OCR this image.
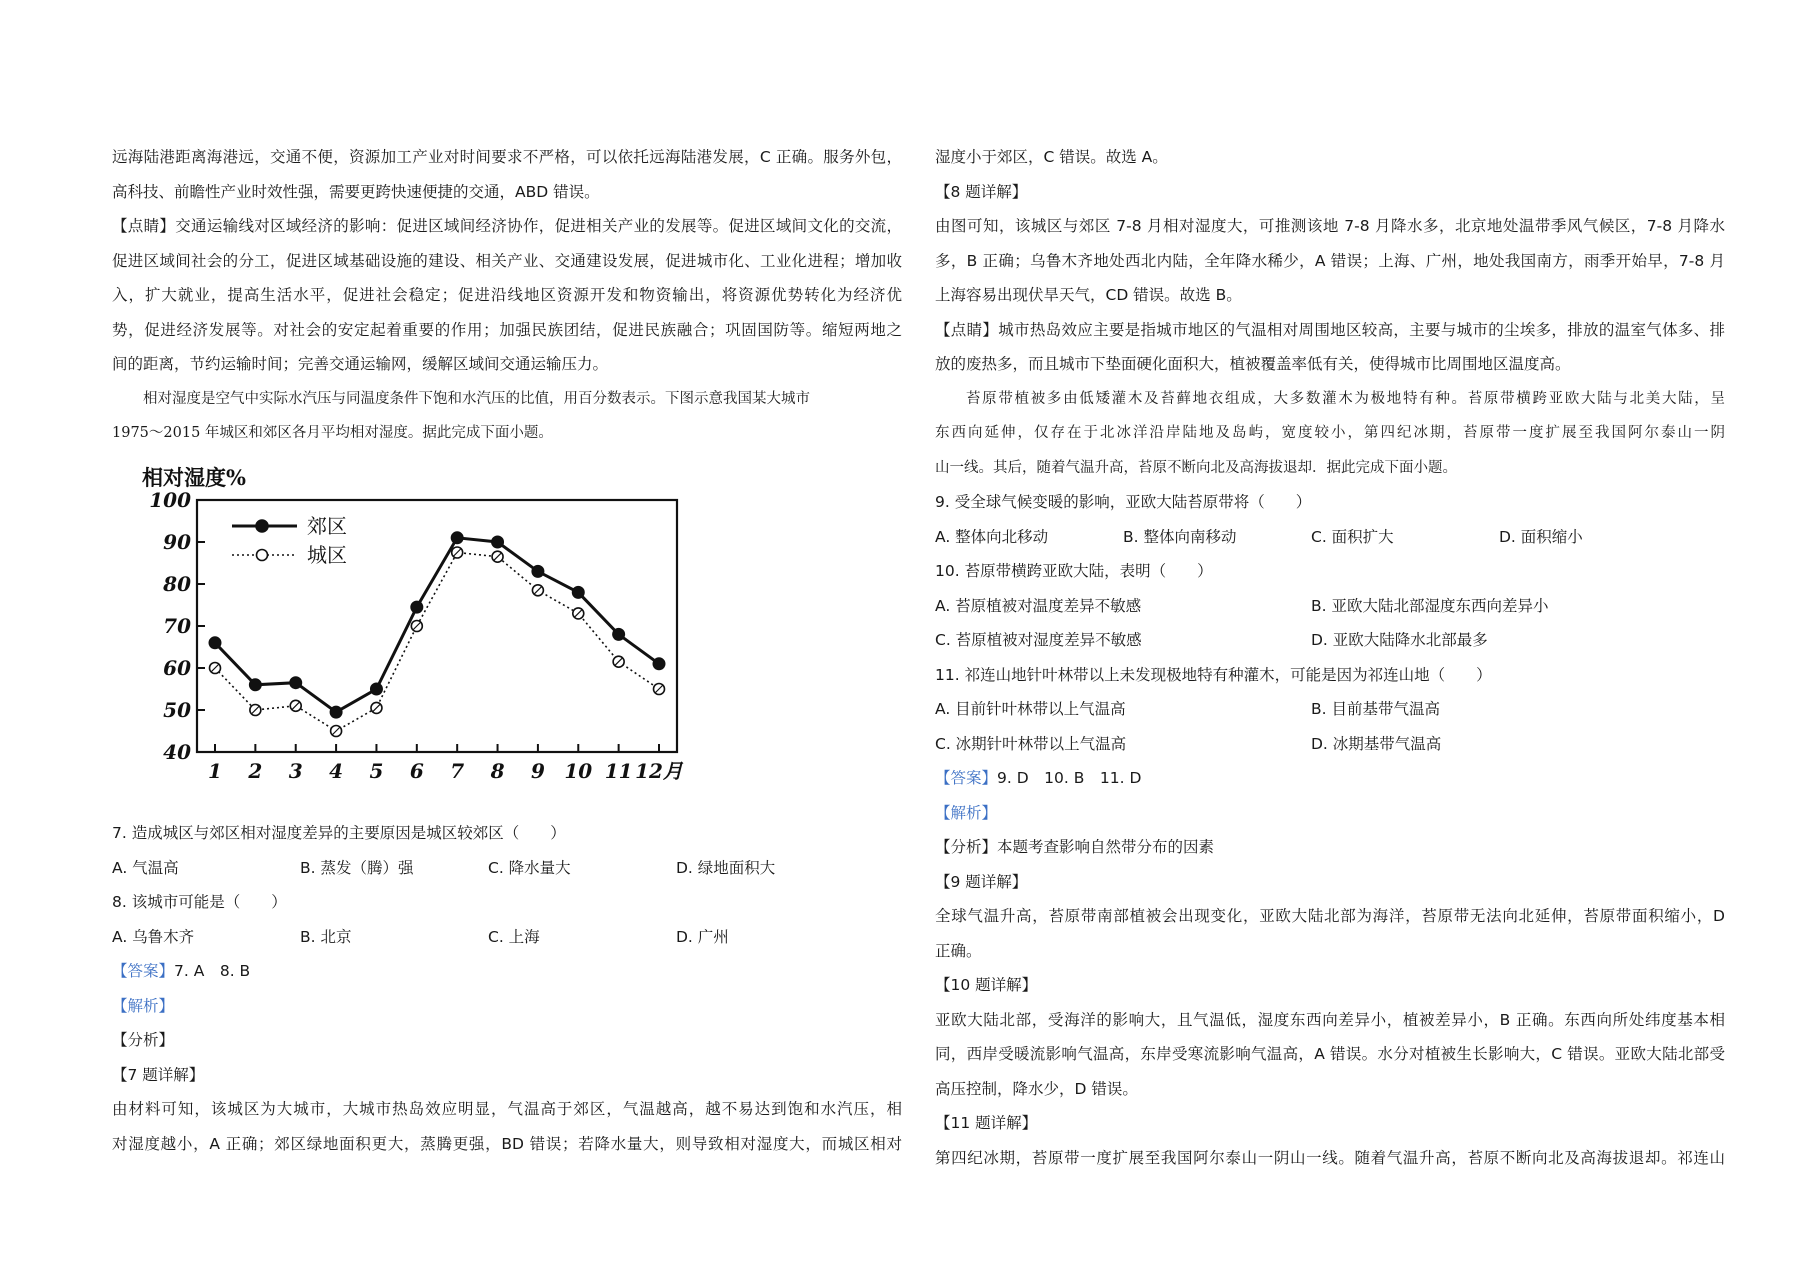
远海陆港距离海港远，交通不便，资源加工产业对时间要求不严格，可以依托远海陆港发展，C 正确。服务外包，
高科技、前瞻性产业时效性强，需要更跨快速便捷的交通，ABD 错误。
【点睛】交通运输线对区域经济的影响：促进区域间经济协作，促进相关产业的发展等。促进区域间文化的交流，
促进区域间社会的分工，促进区域基础设施的建设、相关产业、交通建设发展，促进城市化、工业化进程；增加收
入，扩大就业，提高生活水平，促进社会稳定；促进沿线地区资源开发和物资输出，将资源优势转化为经济优
势，促进经济发展等。对社会的安定起着重要的作用；加强民族团结，促进民族融合；巩固国防等。缩短两地之
间的距离，节约运输时间；完善交通运输网，缓解区域间交通运输压力。
相对湿度是空气中实际水汽压与同温度条件下饱和水汽压的比值，用百分数表示。下图示意我国某大城市
1975～2015 年城区和郊区各月平均相对湿度。据此完成下面小题。
相对湿度%
40
50
60
70
80
90
100
1 2 3 4 5 6 7 8 9 10 11 12月
郊区
城区
7. 造成城区与郊区相对湿度差异的主要原因是城区较郊区（　　）
A. 气温高	B. 蒸发（腾）强	C. 降水量大	D. 绿地面积大
8. 该城市可能是（　　）
A. 乌鲁木齐	B. 北京	C. 上海	D. 广州
【答案】7. A　8. B
【解析】
【分析】
【7 题详解】
由材料可知，该城区为大城市，大城市热岛效应明显，气温高于郊区，气温越高，越不易达到饱和水汽压，相
对湿度越小，A 正确；郊区绿地面积更大，蒸腾更强，BD 错误；若降水量大，则导致相对湿度大，而城区相对
湿度小于郊区，C 错误。故选 A。
【8 题详解】
由图可知，该城区与郊区 7-8 月相对湿度大，可推测该地 7-8 月降水多，北京地处温带季风气候区，7-8 月降水
多，B 正确；乌鲁木齐地处西北内陆，全年降水稀少，A 错误；上海、广州，地处我国南方，雨季开始早，7-8 月
上海容易出现伏旱天气，CD 错误。故选 B。
【点睛】城市热岛效应主要是指城市地区的气温相对周围地区较高，主要与城市的尘埃多，排放的温室气体多、排
放的废热多，而且城市下垫面硬化面积大，植被覆盖率低有关，使得城市比周围地区温度高。
苔原带植被多由低矮灌木及苔藓地衣组成，大多数灌木为极地特有种。苔原带横跨亚欧大陆与北美大陆，呈
东西向延伸，仅存在于北冰洋沿岸陆地及岛屿，宽度较小，第四纪冰期，苔原带一度扩展至我国阿尔泰山一阴
山一线。其后，随着气温升高，苔原不断向北及高海拔退却．据此完成下面小题。
9. 受全球气候变暖的影响，亚欧大陆苔原带将（　　）
A. 整体向北移动	B. 整体向南移动	C. 面积扩大	D. 面积缩小
10. 苔原带横跨亚欧大陆，表明（　　）
A. 苔原植被对温度差异不敏感	B. 亚欧大陆北部湿度东西向差异小
C. 苔原植被对湿度差异不敏感	D. 亚欧大陆降水北部最多
11. 祁连山地针叶林带以上未发现极地特有种灌木，可能是因为祁连山地（　　）
A. 目前针叶林带以上气温高	B. 目前基带气温高
C. 冰期针叶林带以上气温高	D. 冰期基带气温高
【答案】9. D　10. B　11. D
【解析】
【分析】本题考查影响自然带分布的因素
【9 题详解】
全球气温升高，苔原带南部植被会出现变化，亚欧大陆北部为海洋，苔原带无法向北延伸，苔原带面积缩小，D
正确。
【10 题详解】
亚欧大陆北部，受海洋的影响大，且气温低，湿度东西向差异小，植被差异小，B 正确。东西向所处纬度基本相
同，西岸受暖流影响气温高，东岸受寒流影响气温高，A 错误。水分对植被生长影响大，C 错误。亚欧大陆北部受
高压控制，降水少，D 错误。
【11 题详解】
第四纪冰期，苔原带一度扩展至我国阿尔泰山一阴山一线。随着气温升高，苔原不断向北及高海拔退却。祁连山
